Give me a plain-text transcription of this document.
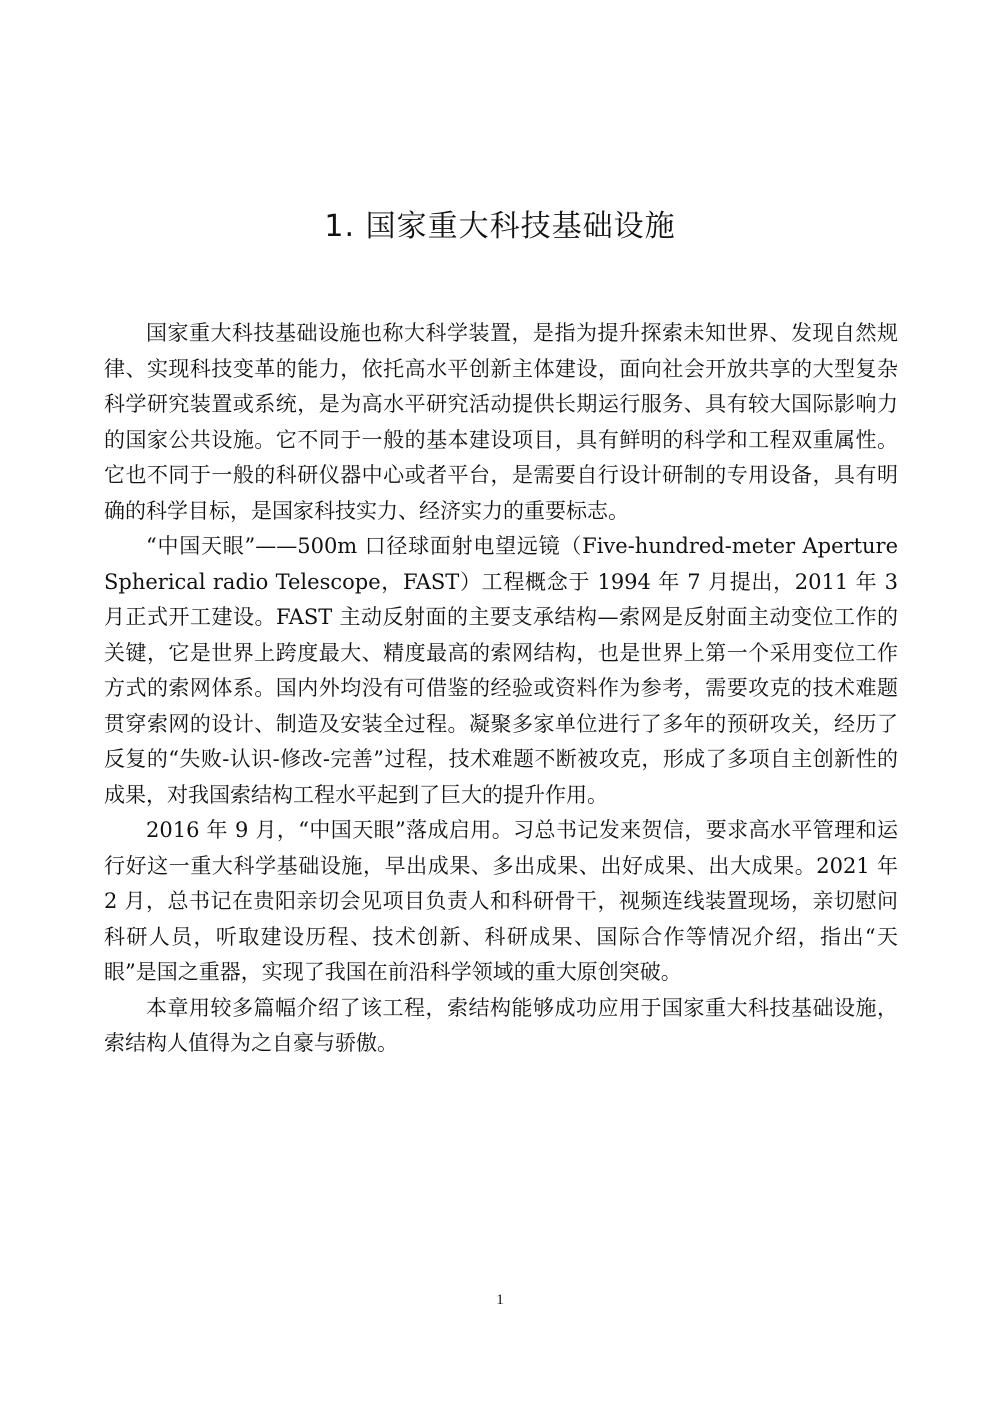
1. 国家重大科技基础设施

国家重大科技基础设施也称大科学装置，是指为提升探索未知世界、发现自然规律、实现科技变革的能力，依托高水平创新主体建设，面向社会开放共享的大型复杂科学研究装置或系统，是为高水平研究活动提供长期运行服务、具有较大国际影响力的国家公共设施。它不同于一般的基本建设项目，具有鲜明的科学和工程双重属性。它也不同于一般的科研仪器中心或者平台，是需要自行设计研制的专用设备，具有明确的科学目标，是国家科技实力、经济实力的重要标志。

“中国天眼”——500m 口径球面射电望远镜（Five-hundred-meter Aperture Spherical radio Telescope，FAST）工程概念于 1994 年 7 月提出，2011 年 3 月正式开工建设。FAST 主动反射面的主要支承结构—索网是反射面主动变位工作的关键，它是世界上跨度最大、精度最高的索网结构，也是世界上第一个采用变位工作方式的索网体系。国内外均没有可借鉴的经验或资料作为参考，需要攻克的技术难题贯穿索网的设计、制造及安装全过程。凝聚多家单位进行了多年的预研攻关，经历了反复的“失败-认识-修改-完善”过程，技术难题不断被攻克，形成了多项自主创新性的成果，对我国索结构工程水平起到了巨大的提升作用。

2016 年 9 月，“中国天眼”落成启用。习总书记发来贺信，要求高水平管理和运行好这一重大科学基础设施，早出成果、多出成果、出好成果、出大成果。2021 年 2 月，总书记在贵阳亲切会见项目负责人和科研骨干，视频连线装置现场，亲切慰问科研人员，听取建设历程、技术创新、科研成果、国际合作等情况介绍，指出“天眼”是国之重器，实现了我国在前沿科学领域的重大原创突破。

本章用较多篇幅介绍了该工程，索结构能够成功应用于国家重大科技基础设施，索结构人值得为之自豪与骄傲。

1
